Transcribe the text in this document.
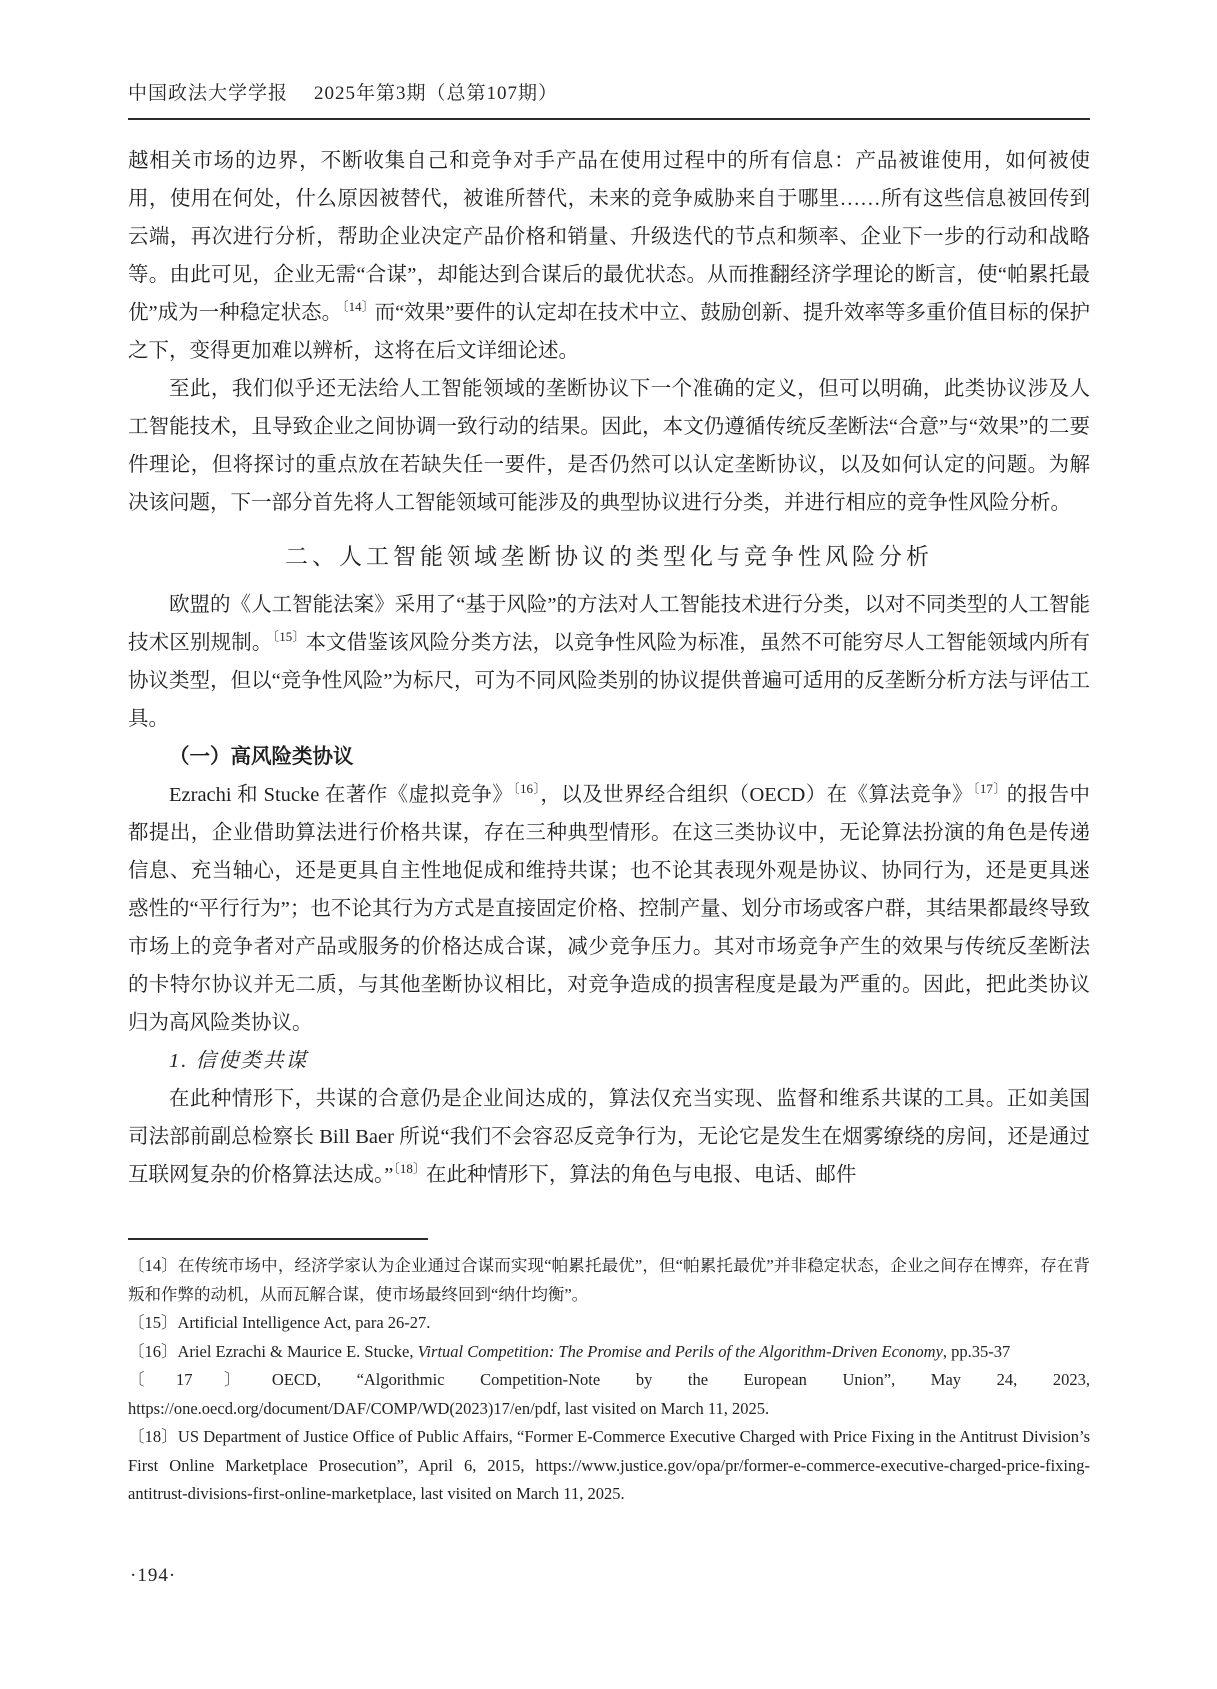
中国政法大学学报 2025年第3期（总第107期）

越相关市场的边界，不断收集自己和竞争对手产品在使用过程中的所有信息：产品被谁使用，如何被使用，使用在何处，什么原因被替代，被谁所替代，未来的竞争威胁来自于哪里……所有这些信息被回传到云端，再次进行分析，帮助企业决定产品价格和销量、升级迭代的节点和频率、企业下一步的行动和战略等。由此可见，企业无需“合谋”，却能达到合谋后的最优状态。从而推翻经济学理论的断言，使“帕累托最优”成为一种稳定状态。$^{〔14〕}$而“效果”要件的认定却在技术中立、鼓励创新、提升效率等多重价值目标的保护之下，变得更加难以辨析，这将在后文详细论述。

至此，我们似乎还无法给人工智能领域的垄断协议下一个准确的定义，但可以明确，此类协议涉及人工智能技术，且导致企业之间协调一致行动的结果。因此，本文仍遵循传统反垄断法“合意”与“效果”的二要件理论，但将探讨的重点放在若缺失任一要件，是否仍然可以认定垄断协议，以及如何认定的问题。为解决该问题，下一部分首先将人工智能领域可能涉及的典型协议进行分类，并进行相应的竞争性风险分析。

二、人工智能领域垄断协议的类型化与竞争性风险分析

欧盟的《人工智能法案》采用了“基于风险”的方法对人工智能技术进行分类，以对不同类型的人工智能技术区别规制。$^{〔15〕}$本文借鉴该风险分类方法，以竞争性风险为标准，虽然不可能穷尽人工智能领域内所有协议类型，但以“竞争性风险”为标尺，可为不同风险类别的协议提供普遍可适用的反垄断分析方法与评估工具。

（一）高风险类协议

Ezrachi 和 Stucke 在著作《虚拟竞争》$^{〔16〕}$，以及世界经合组织（OECD）在《算法竞争》$^{〔17〕}$的报告中都提出，企业借助算法进行价格共谋，存在三种典型情形。在这三类协议中，无论算法扮演的角色是传递信息、充当轴心，还是更具自主性地促成和维持共谋；也不论其表现外观是协议、协同行为，还是更具迷惑性的“平行行为”；也不论其行为方式是直接固定价格、控制产量、划分市场或客户群，其结果都最终导致市场上的竞争者对产品或服务的价格达成合谋，减少竞争压力。其对市场竞争产生的效果与传统反垄断法的卡特尔协议并无二质，与其他垄断协议相比，对竞争造成的损害程度是最为严重的。因此，把此类协议归为高风险类协议。

1. 信使类共谋

在此种情形下，共谋的合意仍是企业间达成的，算法仅充当实现、监督和维系共谋的工具。正如美国司法部前副总检察长 Bill Baer 所说“我们不会容忍反竞争行为，无论它是发生在烟雾缭绕的房间，还是通过互联网复杂的价格算法达成。”$^{〔18〕}$在此种情形下，算法的角色与电报、电话、邮件

〔14〕在传统市场中，经济学家认为企业通过合谋而实现“帕累托最优”，但“帕累托最优”并非稳定状态，企业之间存在博弈，存在背叛和作弊的动机，从而瓦解合谋，使市场最终回到“纳什均衡”。

〔15〕Artificial Intelligence Act, para 26-27.

〔16〕Ariel Ezrachi & Maurice E. Stucke, Virtual Competition: The Promise and Perils of the Algorithm-Driven Economy, pp.35-37

〔17〕OECD, “Algorithmic Competition-Note by the European Union”, May 24, 2023, https://one.oecd.org/document/DAF/COMP/WD(2023)17/en/pdf, last visited on March 11, 2025.

〔18〕US Department of Justice Office of Public Affairs, “Former E-Commerce Executive Charged with Price Fixing in the Antitrust Division’s First Online Marketplace Prosecution”, April 6, 2015, https://www.justice.gov/opa/pr/former-e-commerce-executive-charged-price-fixing-antitrust-divisions-first-online-marketplace, last visited on March 11, 2025.

·194·
